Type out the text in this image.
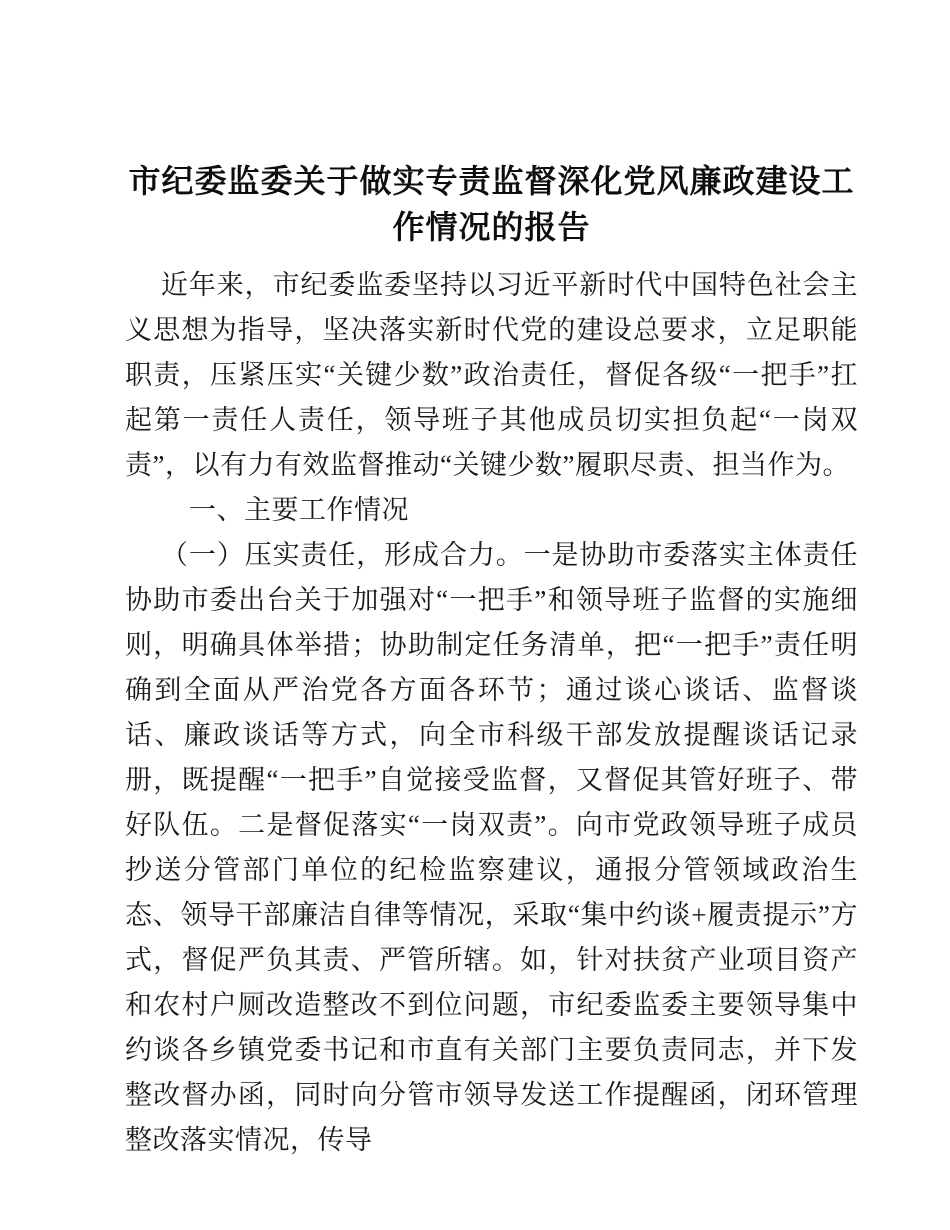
市纪委监委关于做实专责监督深化党风廉政建设工作情况的报告

近年来，市纪委监委坚持以习近平新时代中国特色社会主义思想为指导，坚决落实新时代党的建设总要求，立足职能职责，压紧压实“关键少数”政治责任，督促各级“一把手”扛起第一责任人责任，领导班子其他成员切实担负起“一岗双责”，以有力有效监督推动“关键少数”履职尽责、担当作为。

一、主要工作情况

（一）压实责任，形成合力。一是协助市委落实主体责任协助市委出台关于加强对“一把手”和领导班子监督的实施细则，明确具体举措；协助制定任务清单，把“一把手”责任明确到全面从严治党各方面各环节；通过谈心谈话、监督谈话、廉政谈话等方式，向全市科级干部发放提醒谈话记录册，既提醒“一把手”自觉接受监督，又督促其管好班子、带好队伍。二是督促落实“一岗双责”。向市党政领导班子成员抄送分管部门单位的纪检监察建议，通报分管领域政治生态、领导干部廉洁自律等情况，采取“集中约谈+履责提示”方式，督促严负其责、严管所辖。如，针对扶贫产业项目资产和农村户厕改造整改不到位问题，市纪委监委主要领导集中约谈各乡镇党委书记和市直有关部门主要负责同志，并下发整改督办函，同时向分管市领导发送工作提醒函，闭环管理整改落实情况，传导
